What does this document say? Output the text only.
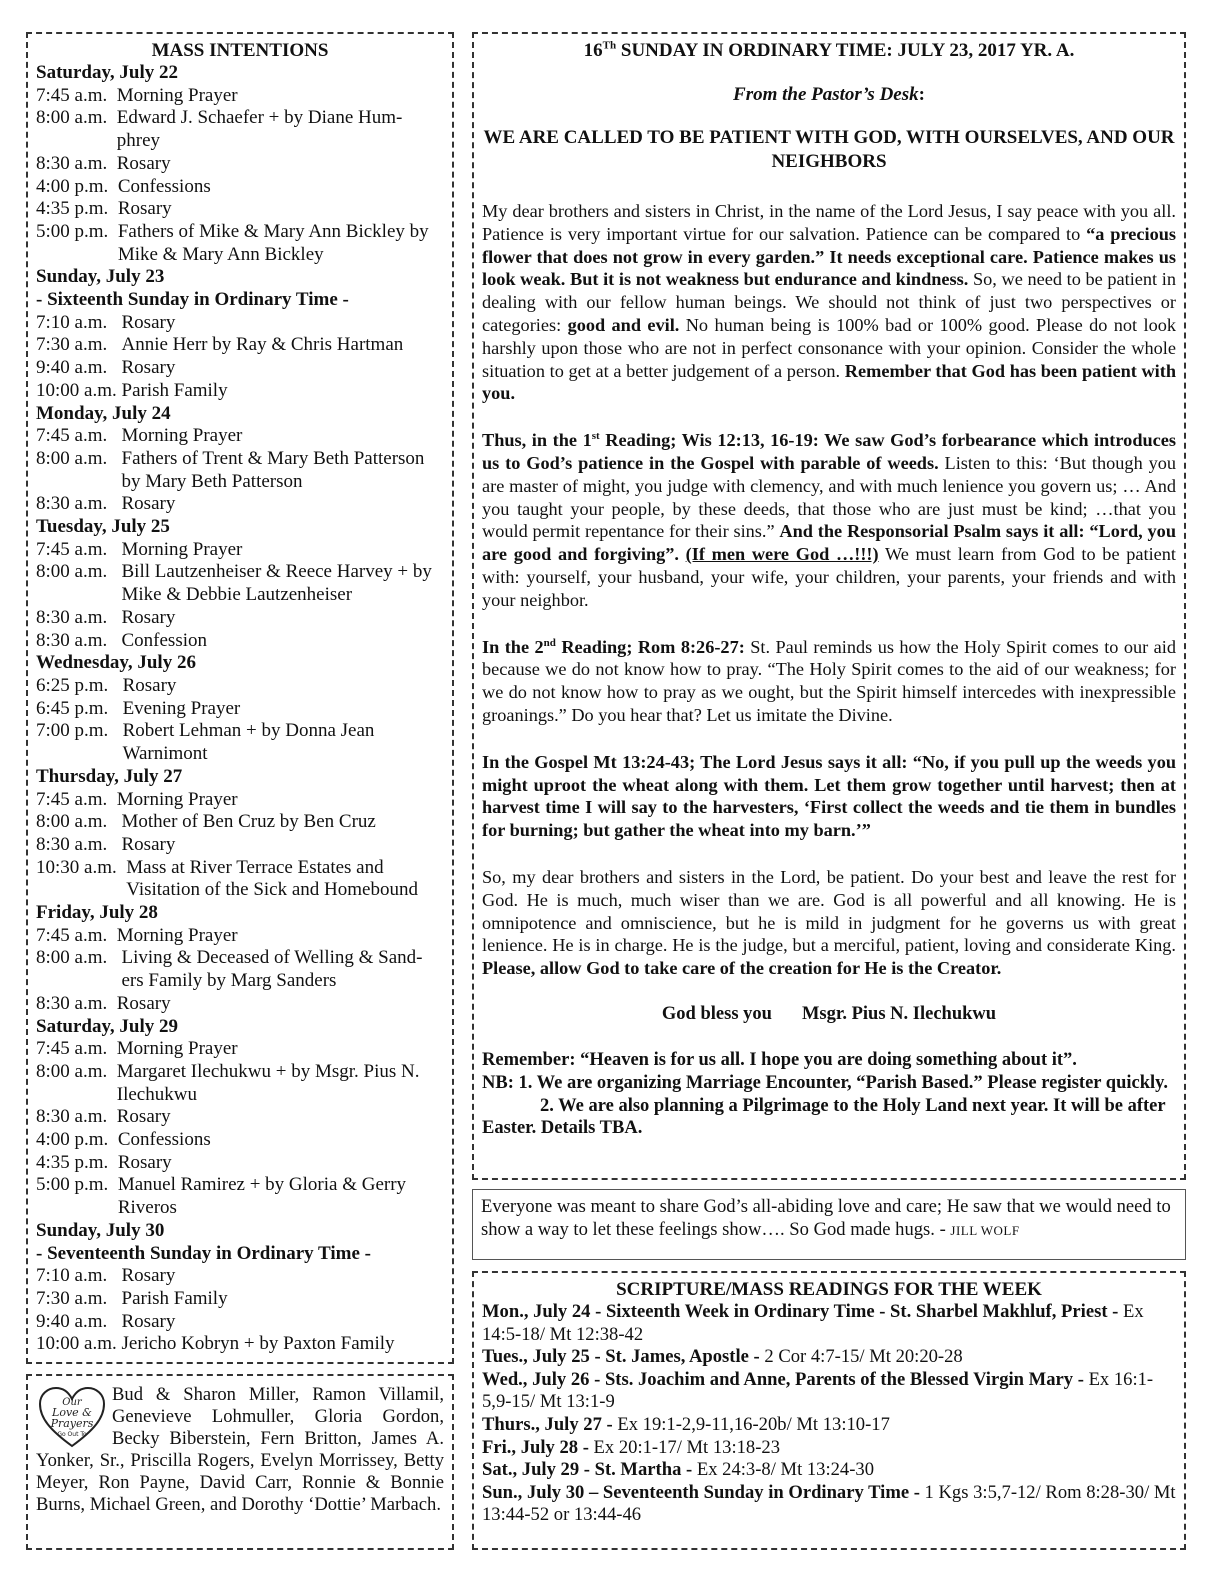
MASS INTENTIONS
Saturday, July 22
7:45 a.m. Morning Prayer
8:00 a.m. Edward J. Schaefer + by Diane Hum-phrey
8:30 a.m. Rosary
4:00 p.m. Confessions
4:35 p.m. Rosary
5:00 p.m. Fathers of Mike & Mary Ann Bickley by Mike & Mary Ann Bickley
Sunday, July 23
- Sixteenth Sunday in Ordinary Time -
7:10 a.m. Rosary
7:30 a.m. Annie Herr by Ray & Chris Hartman
9:40 a.m. Rosary
10:00 a.m. Parish Family
Monday, July 24
7:45 a.m. Morning Prayer
8:00 a.m. Fathers of Trent & Mary Beth Patterson by Mary Beth Patterson
8:30 a.m. Rosary
Tuesday, July 25
7:45 a.m. Morning Prayer
8:00 a.m. Bill Lautzenheiser & Reece Harvey + by Mike & Debbie Lautzenheiser
8:30 a.m. Rosary
8:30 a.m. Confession
Wednesday, July 26
6:25 p.m. Rosary
6:45 p.m. Evening Prayer
7:00 p.m. Robert Lehman + by Donna Jean Warnimont
Thursday, July 27
7:45 a.m. Morning Prayer
8:00 a.m. Mother of Ben Cruz by Ben Cruz
8:30 a.m. Rosary
10:30 a.m. Mass at River Terrace Estates and Visitation of the Sick and Homebound
Friday, July 28
7:45 a.m. Morning Prayer
8:00 a.m. Living & Deceased of Welling & Sand-ers Family by Marg Sanders
8:30 a.m. Rosary
Saturday, July 29
7:45 a.m. Morning Prayer
8:00 a.m. Margaret Ilechukwu + by Msgr. Pius N. Ilechukwu
8:30 a.m. Rosary
4:00 p.m. Confessions
4:35 p.m. Rosary
5:00 p.m. Manuel Ramirez + by Gloria & Gerry Riveros
Sunday, July 30
- Seventeenth Sunday in Ordinary Time -
7:10 a.m. Rosary
7:30 a.m. Parish Family
9:40 a.m. Rosary
10:00 a.m. Jericho Kobryn + by Paxton Family
Our
Love &
Prayers
Go Out To
Bud & Sharon Miller, Ramon Villamil, Genevieve Lohmuller, Gloria Gordon, Becky Biberstein, Fern Britton, James A. Yonker, Sr., Priscilla Rogers, Evelyn Morrissey, Betty Meyer, Ron Payne, David Carr, Ronnie & Bonnie Burns, Michael Green, and Dorothy ‘Dottie’ Marbach.
16Th SUNDAY IN ORDINARY TIME: JULY 23, 2017 YR. A.
From the Pastor’s Desk:
WE ARE CALLED TO BE PATIENT WITH GOD, WITH OURSELVES, AND OUR NEIGHBORS
My dear brothers and sisters in Christ, in the name of the Lord Jesus, I say peace with you all. Patience is very important virtue for our salvation. Patience can be compared to “a precious flower that does not grow in every garden.” It needs exceptional care. Patience makes us look weak. But it is not weakness but endurance and kindness. So, we need to be patient in dealing with our fellow human beings. We should not think of just two perspectives or categories: good and evil. No human being is 100% bad or 100% good. Please do not look harshly upon those who are not in perfect consonance with your opinion. Consider the whole situation to get at a better judgement of a person. Remember that God has been patient with you.
Thus, in the 1st Reading; Wis 12:13, 16-19: We saw God’s forbearance which introduces us to God’s patience in the Gospel with parable of weeds. Listen to this: ‘But though you are master of might, you judge with clemency, and with much lenience you govern us; … And you taught your people, by these deeds, that those who are just must be kind; …that you would permit repentance for their sins.” And the Responsorial Psalm says it all: “Lord, you are good and forgiving”. (If men were God …!!!) We must learn from God to be patient with: yourself, your husband, your wife, your children, your parents, your friends and with your neighbor.
In the 2nd Reading; Rom 8:26-27: St. Paul reminds us how the Holy Spirit comes to our aid because we do not know how to pray. “The Holy Spirit comes to the aid of our weakness; for we do not know how to pray as we ought, but the Spirit himself intercedes with inexpressible groanings.” Do you hear that? Let us imitate the Divine.
In the Gospel Mt 13:24-43; The Lord Jesus says it all: “No, if you pull up the weeds you might uproot the wheat along with them. Let them grow together until harvest; then at harvest time I will say to the harvesters, ‘First collect the weeds and tie them in bundles for burning; but gather the wheat into my barn.’”
So, my dear brothers and sisters in the Lord, be patient. Do your best and leave the rest for God. He is much, much wiser than we are. God is all powerful and all knowing. He is omnipotence and omniscience, but he is mild in judgment for he governs us with great lenience. He is in charge. He is the judge, but a merciful, patient, loving and considerate King. Please, allow God to take care of the creation for He is the Creator.
God bless you Msgr. Pius N. Ilechukwu
Remember: “Heaven is for us all. I hope you are doing something about it”.
NB: 1. We are organizing Marriage Encounter, “Parish Based.” Please register quickly.
2. We are also planning a Pilgrimage to the Holy Land next year. It will be after Easter. Details TBA.
Everyone was meant to share God’s all-abiding love and care; He saw that we would need to show a way to let these feelings show…. So God made hugs. - JILL WOLF
SCRIPTURE/MASS READINGS FOR THE WEEK
Mon., July 24 - Sixteenth Week in Ordinary Time - St. Sharbel Makhluf, Priest - Ex 14:5-18/ Mt 12:38-42
Tues., July 25 - St. James, Apostle - 2 Cor 4:7-15/ Mt 20:20-28
Wed., July 26 - Sts. Joachim and Anne, Parents of the Blessed Virgin Mary - Ex 16:1-5,9-15/ Mt 13:1-9
Thurs., July 27 - Ex 19:1-2,9-11,16-20b/ Mt 13:10-17
Fri., July 28 - Ex 20:1-17/ Mt 13:18-23
Sat., July 29 - St. Martha - Ex 24:3-8/ Mt 13:24-30
Sun., July 30 – Seventeenth Sunday in Ordinary Time - 1 Kgs 3:5,7-12/ Rom 8:28-30/ Mt 13:44-52 or 13:44-46
